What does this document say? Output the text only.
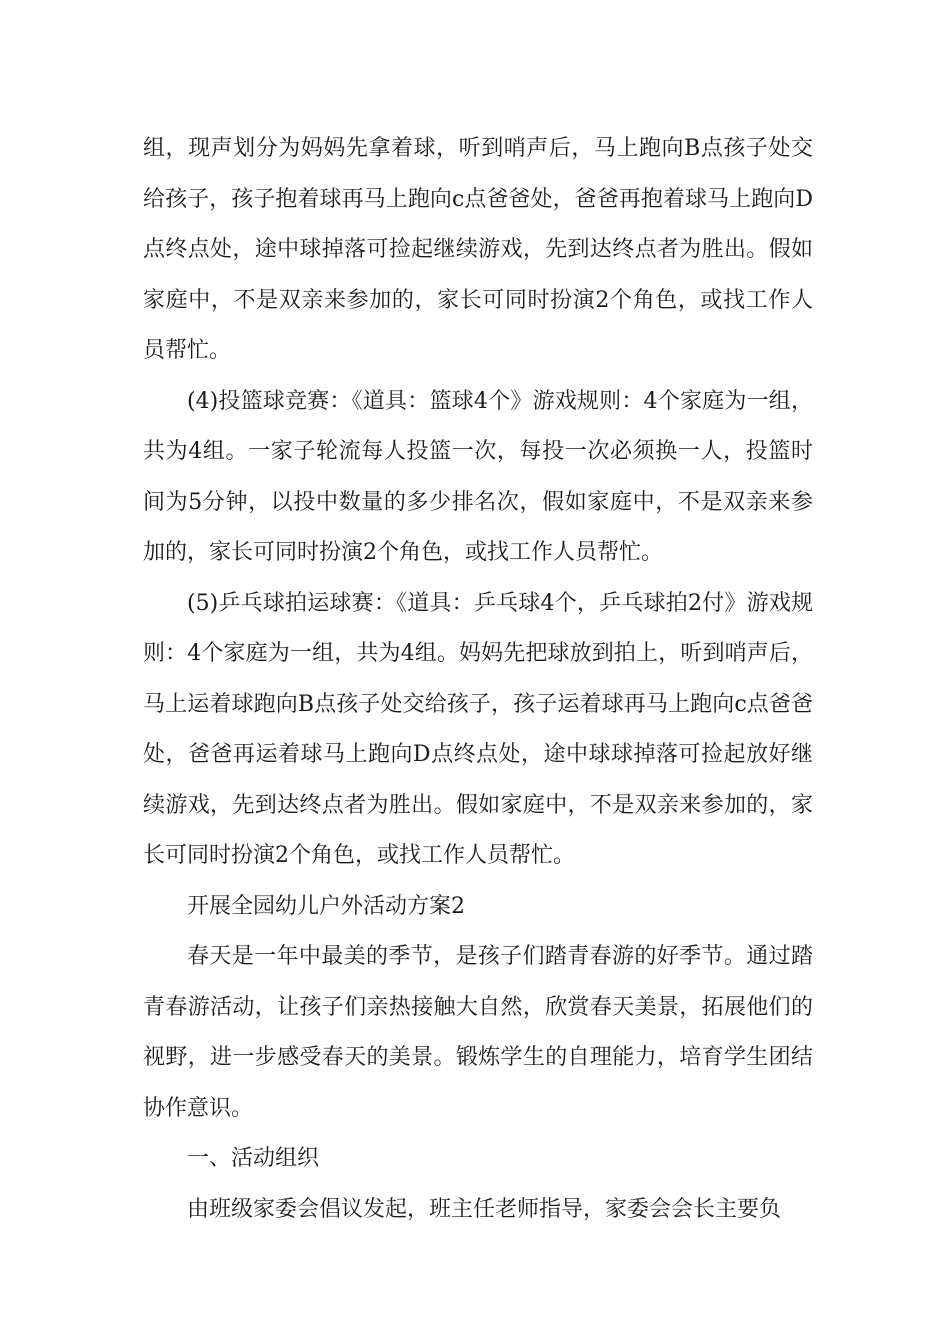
组，现声划分为妈妈先拿着球，听到哨声后，马上跑向B点孩子处交给孩子，孩子抱着球再马上跑向c点爸爸处，爸爸再抱着球马上跑向D点终点处，途中球掉落可捡起继续游戏，先到达终点者为胜出。假如家庭中，不是双亲来参加的，家长可同时扮演2个角色，或找工作人员帮忙。

(4)投篮球竞赛：《道具：篮球4个》游戏规则：4个家庭为一组，共为4组。一家子轮流每人投篮一次，每投一次必须换一人，投篮时间为5分钟，以投中数量的多少排名次，假如家庭中，不是双亲来参加的，家长可同时扮演2个角色，或找工作人员帮忙。

(5)乒乓球拍运球赛：《道具：乒乓球4个，乒乓球拍2付》游戏规则：4个家庭为一组，共为4组。妈妈先把球放到拍上，听到哨声后，马上运着球跑向B点孩子处交给孩子，孩子运着球再马上跑向c点爸爸处，爸爸再运着球马上跑向D点终点处，途中球球掉落可捡起放好继续游戏，先到达终点者为胜出。假如家庭中，不是双亲来参加的，家长可同时扮演2个角色，或找工作人员帮忙。

开展全园幼儿户外活动方案2

春天是一年中最美的季节，是孩子们踏青春游的好季节。通过踏青春游活动，让孩子们亲热接触大自然，欣赏春天美景，拓展他们的视野，进一步感受春天的美景。锻炼学生的自理能力，培育学生团结协作意识。

一、活动组织

由班级家委会倡议发起，班主任老师指导，家委会会长主要负
